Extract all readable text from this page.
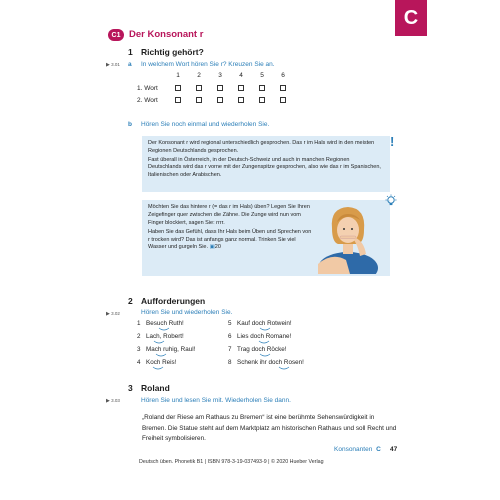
C
C1 Der Konsonant r
1 Richtig gehört?
▶ 3.01 a In welchem Wort hören Sie r? Kreuzen Sie an.
1	2	3	4	5	6
1. Wort
2. Wort
b Hören Sie noch einmal und wiederholen Sie.

Der Konsonant r wird regional unterschiedlich gesprochen. Das r im Hals wird in den meisten Regionen Deutschlands gesprochen.

Fast überall in Österreich, in der Deutsch-Schweiz und auch in manchen Regionen Deutschlands wird das r vorne mit der Zungenspitze gesprochen, also wie das r im Spanischen, Italienischen oder Arabischen.

!

Möchten Sie das hintere r (= das r im Hals) üben? Legen Sie Ihren Zeigefinger quer zwischen die Zähne. Die Zunge wird nun vom Finger blockiert, sagen Sie: rrrr.

Haben Sie das Gefühl, dass Ihr Hals beim Üben und Sprechen von r trocken wird? Das ist anfangs ganz normal. Trinken Sie viel Wasser und gurgeln Sie. ▣20

2 Aufforderungen
▶ 3.02	Hören Sie und wiederholen Sie.
1 Besuch Ruth!
2 Lach, Robert!
3 Mach ruhig, Raul!
4 Koch Reis!
5 Kauf doch Rotwein!
6 Lies doch Romane!
7 Trag doch Röcke!
8 Schenk ihr doch Rosen!
3 Roland
▶ 3.03	Hören Sie und lesen Sie mit. Wiederholen Sie dann.
„Roland der Riese am Rathaus zu Bremen“ ist eine berühmte Sehenswürdigkeit in Bremen. Die Statue steht auf dem Marktplatz am historischen Rathaus und soll Recht und Freiheit symbolisieren.
Konsonanten C 47
Deutsch üben. Phonetik B1 | ISBN 978-3-19-037493-9 | © 2020 Hueber Verlag
